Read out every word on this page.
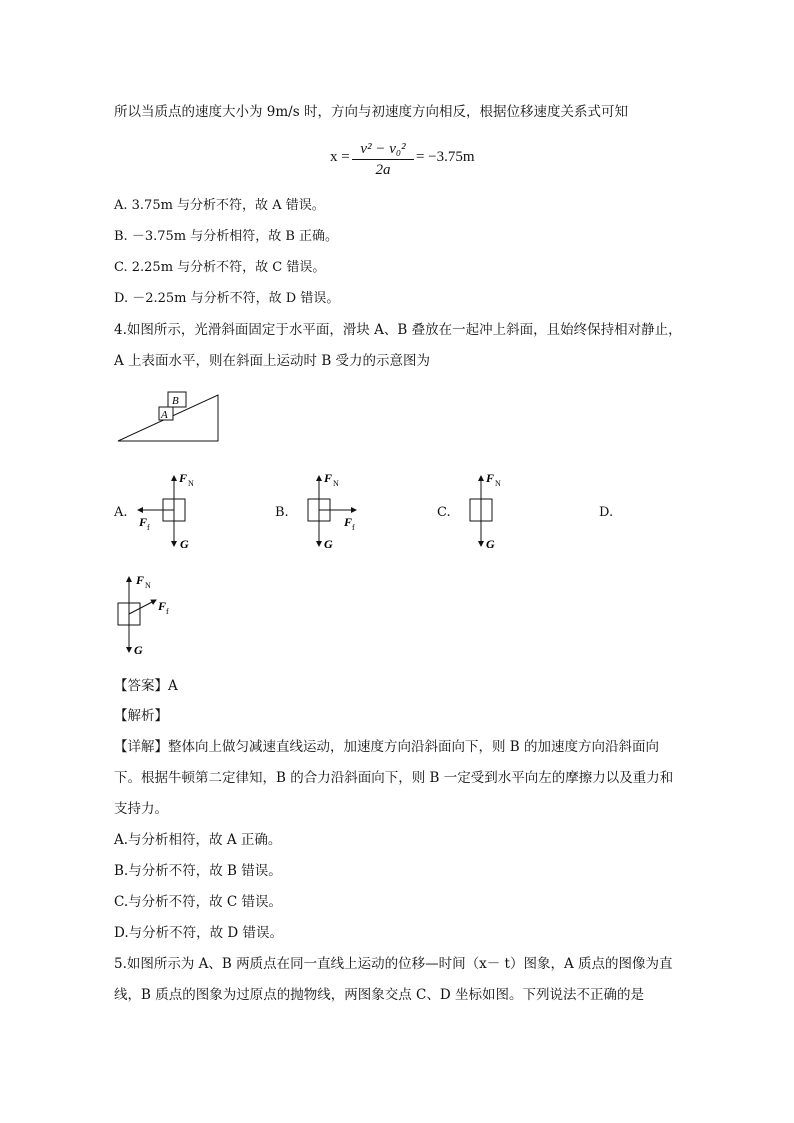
所以当质点的速度大小为 9m/s 时，方向与初速度方向相反，根据位移速度关系式可知
x = v² − v₀²
2a
= −3.75m
A. 3.75m 与分析不符，故 A 错误。
B. －3.75m 与分析相符，故 B 正确。
C. 2.25m 与分析不符，故 C 错误。
D. －2.25m 与分析不符，故 D 错误。
4.如图所示，光滑斜面固定于水平面，滑块 A、B 叠放在一起冲上斜面，且始终保持相对静止，
A 上表面水平，则在斜面上运动时 B 受力的示意图为
B
A
A.	B.	C.	D.
F N
F f
G
F N
F f
G
F N
G
F N
F f
G
【答案】A
【解析】
【详解】整体向上做匀减速直线运动，加速度方向沿斜面向下，则 B 的加速度方向沿斜面向
下。根据牛顿第二定律知，B 的合力沿斜面向下，则 B 一定受到水平向左的摩擦力以及重力和
支持力。
A.与分析相符，故 A 正确。
B.与分析不符，故 B 错误。
C.与分析不符，故 C 错误。
D.与分析不符，故 D 错误。
5.如图所示为 A、B 两质点在同一直线上运动的位移—时间（x－ t）图象，A 质点的图像为直
线，B 质点的图象为过原点的抛物线，两图象交点 C、D 坐标如图。下列说法不正确的是
